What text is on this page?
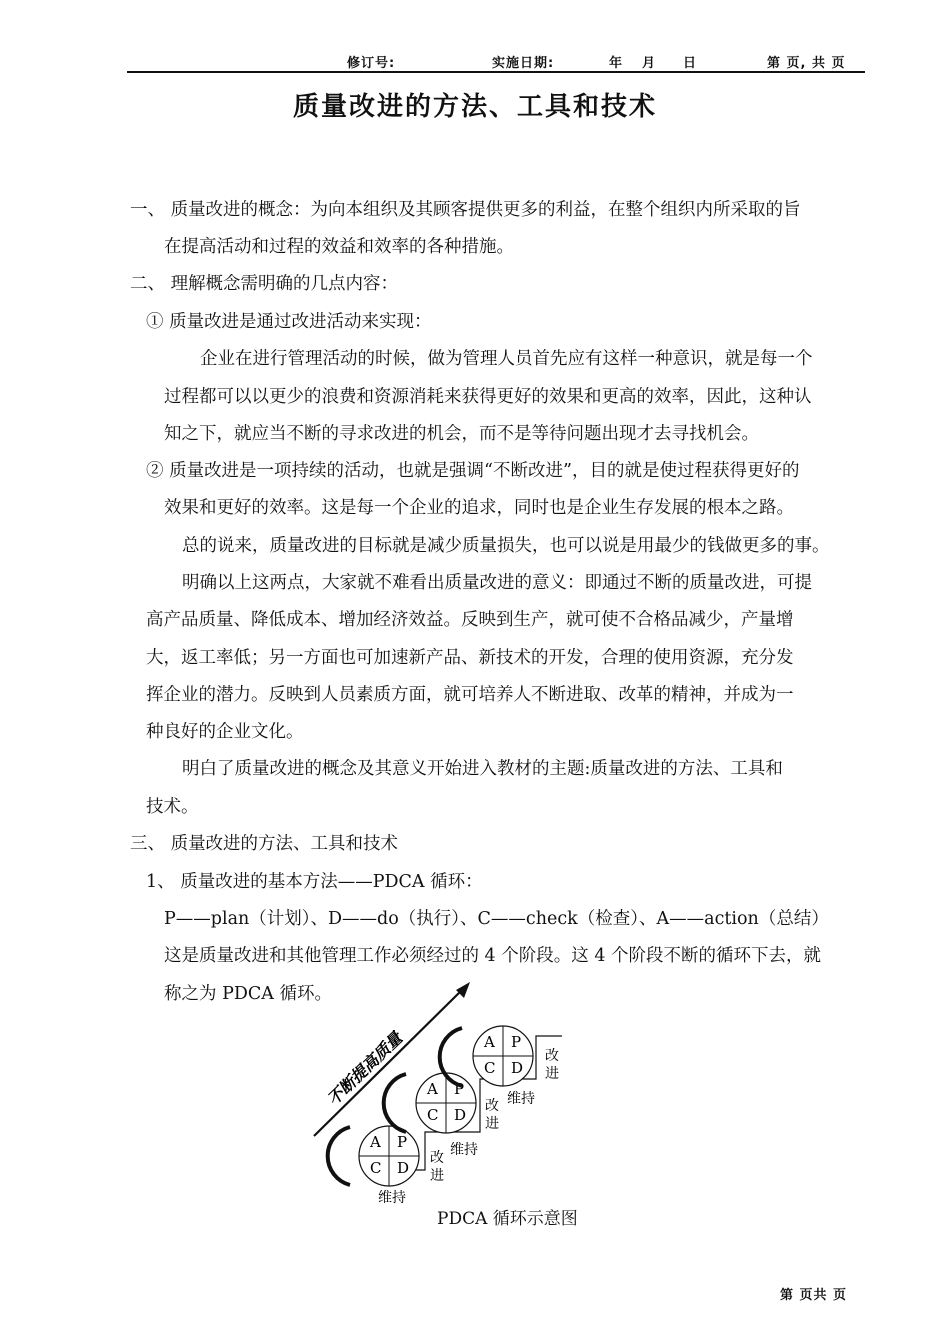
修订号:	实施日期:	年 月 日	第 页, 共 页
质量改进的方法、工具和技术
一、 质量改进的概念：为向本组织及其顾客提供更多的利益，在整个组织内所采取的旨
在提高活动和过程的效益和效率的各种措施。
二、 理解概念需明确的几点内容：
① 质量改进是通过改进活动来实现：
企业在进行管理活动的时候，做为管理人员首先应有这样一种意识，就是每一个
过程都可以以更少的浪费和资源消耗来获得更好的效果和更高的效率，因此，这种认
知之下，就应当不断的寻求改进的机会，而不是等待问题出现才去寻找机会。
② 质量改进是一项持续的活动，也就是强调“不断改进”，目的就是使过程获得更好的
效果和更好的效率。这是每一个企业的追求，同时也是企业生存发展的根本之路。
总的说来，质量改进的目标就是减少质量损失，也可以说是用最少的钱做更多的事。
明确以上这两点，大家就不难看出质量改进的意义：即通过不断的质量改进，可提
高产品质量、降低成本、增加经济效益。反映到生产，就可使不合格品减少，产量增
大，返工率低；另一方面也可加速新产品、新技术的开发，合理的使用资源，充分发
挥企业的潜力。反映到人员素质方面，就可培养人不断进取、改革的精神，并成为一
种良好的企业文化。
明白了质量改进的概念及其意义开始进入教材的主题:质量改进的方法、工具和
技术。
三、 质量改进的方法、工具和技术
1、 质量改进的基本方法——PDCA 循环：
P——plan（计划）、D——do（执行）、C——check（检查）、A——action（总结）
这是质量改进和其他管理工作必须经过的 4 个阶段。这 4 个阶段不断的循环下去，就
称之为 PDCA 循环。
不断提高质量
A P
C D
改
进
维持
A P
C D 改
进
维持
A P
C D
改
进
维持
PDCA 循环示意图
第 页共 页
